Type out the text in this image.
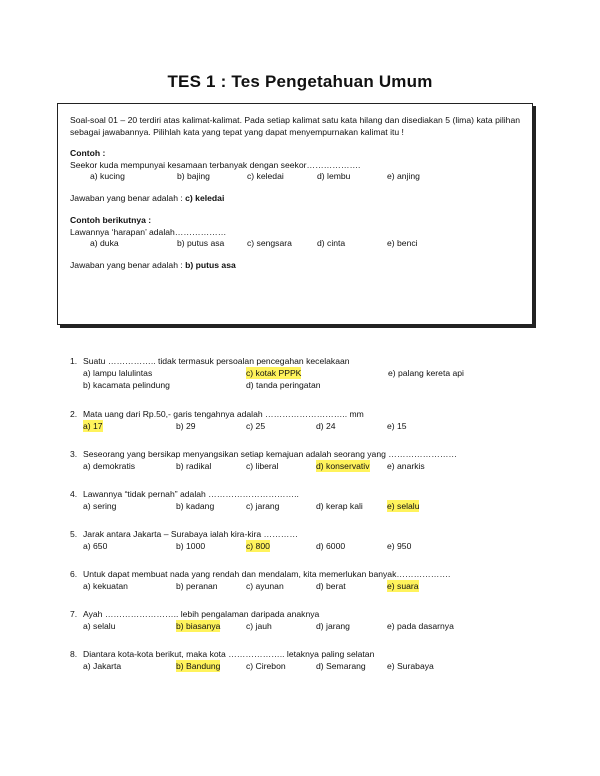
TES 1 : Tes Pengetahuan Umum

Soal-soal 01 – 20 terdiri atas kalimat-kalimat. Pada setiap kalimat satu kata hilang dan disediakan 5 (lima) kata pilihan sebagai jawabannya. Pilihlah kata yang tepat yang dapat menyempurnakan kalimat itu !

Contoh :

Seekor kuda mempunyai kesamaan terbanyak dengan seekor……………….

a) kucing	b) bajing	c) keledai	d) lembu	e) anjing

Jawaban yang benar adalah : c) keledai

Contoh berikutnya :

Lawannya ‘harapan’ adalah………………

a) duka	b) putus asa	c) sengsara	d) cinta	e) benci

Jawaban yang benar adalah : b) putus asa

1. Suatu …………….. tidak termasuk persoalan pencegahan kecelakaan
a) lampu lalulintas	c) kotak PPPK	e) palang kereta api
b) kacamata pelindung	d) tanda peringatan
2. Mata uang dari Rp.50,- garis tengahnya adalah ……………………….. mm
a) 17	b) 29	c) 25	d) 24	e) 15
3. Seseorang yang bersikap menyangsikan setiap kemajuan adalah seorang yang ……………………
a) demokratis	b) radikal	c) liberal	d) konservativ e) anarkis
4. Lawannya “tidak pernah” adalah …………………………..
a) sering	b) kadang	c) jarang	d) kerap kali	e) selalu
5. Jarak antara Jakarta – Surabaya ialah kira-kira …………
a) 650	b) 1000	c) 800	d) 6000	e) 950
6. Untuk dapat membuat nada yang rendah dan mendalam, kita memerlukan banyak……………….
a) kekuatan	b) peranan	c) ayunan	d) berat	e) suara
7. Ayah …………………….. lebih pengalaman daripada anaknya
a) selalu	b) biasanya	c) jauh	d) jarang	e) pada dasarnya
8. Diantara kota-kota berikut, maka kota ……………….. letaknya paling selatan
a) Jakarta	b) Bandung	c) Cirebon	d) Semarang e) Surabaya
